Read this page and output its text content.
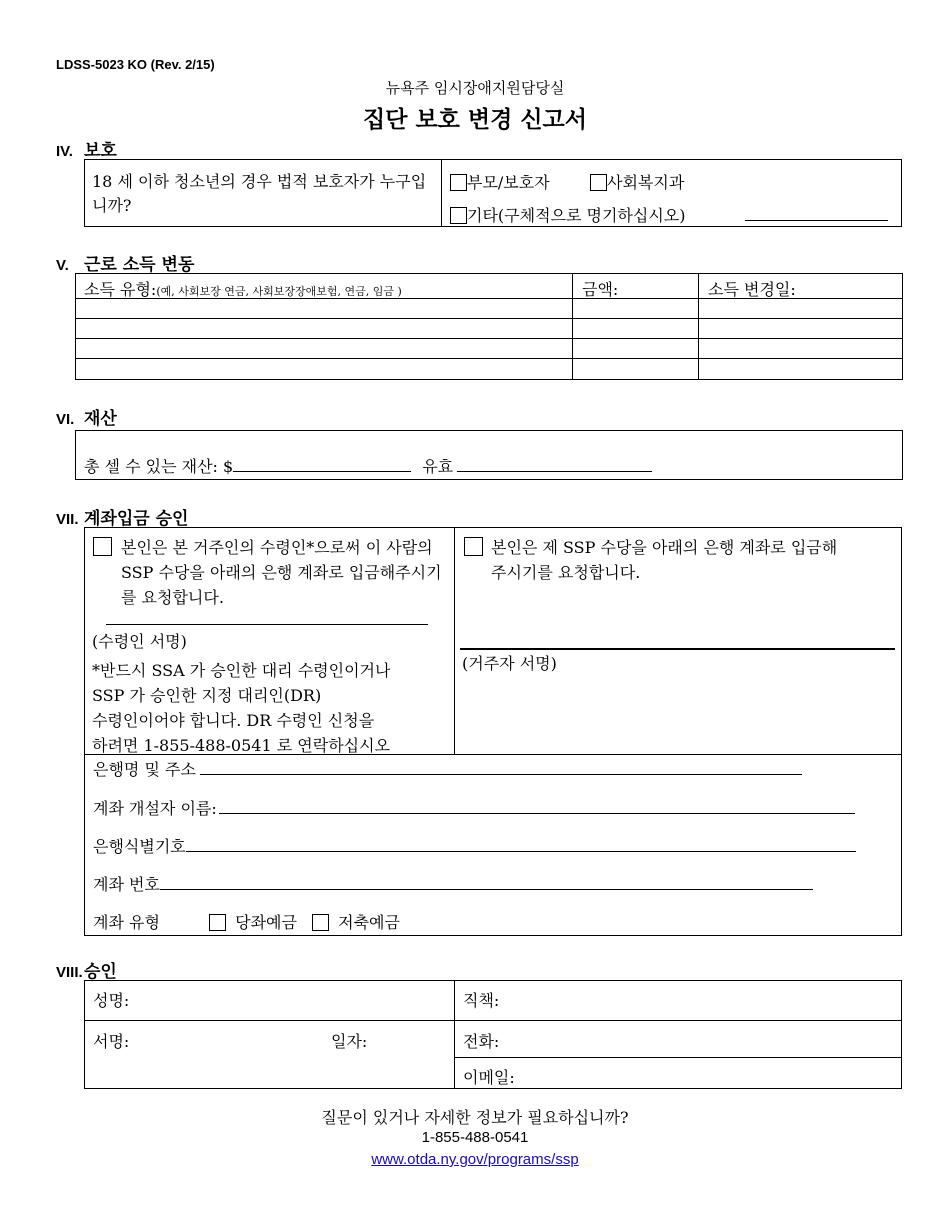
LDSS-5023 KO (Rev. 2/15)
뉴욕주 임시장애지원담당실
집단 보호 변경 신고서
IV. 보호
18 세 이하 청소년의 경우 법적 보호자가 누구입니까?
부모/보호자	사회복지과
기타(구체적으로 명기하십시오)
V. 근로 소득 변동
소득 유형:(예, 사회보장 연금, 사회보장장애보험, 연금, 임금 )	금액:	소득 변경일:
VI. 재산
총 셀 수 있는 재산: $	유효
VII. 계좌입금 승인
본인은 본 거주인의 수령인*으로써 이 사람의 SSP 수당을 아래의 은행 계좌로 입금해주시기를 요청합니다.
(수령인 서명)
*반드시 SSA 가 승인한 대리 수령인이거나
SSP 가 승인한 지정 대리인(DR)
수령인이어야 합니다. DR 수령인 신청을
하려면 1-855-488-0541 로 연락하십시오
본인은 제 SSP 수당을 아래의 은행 계좌로 입금해주시기를 요청합니다.
(거주자 서명)
은행명 및 주소
계좌 개설자 이름:
은행식별기호
계좌 번호
계좌 유형	당좌예금	저축예금
VIII.승인
성명:	직책:
서명:	일자:	전화:
이메일:
질문이 있거나 자세한 정보가 필요하십니까?
1-855-488-0541
www.otda.ny.gov/programs/ssp
